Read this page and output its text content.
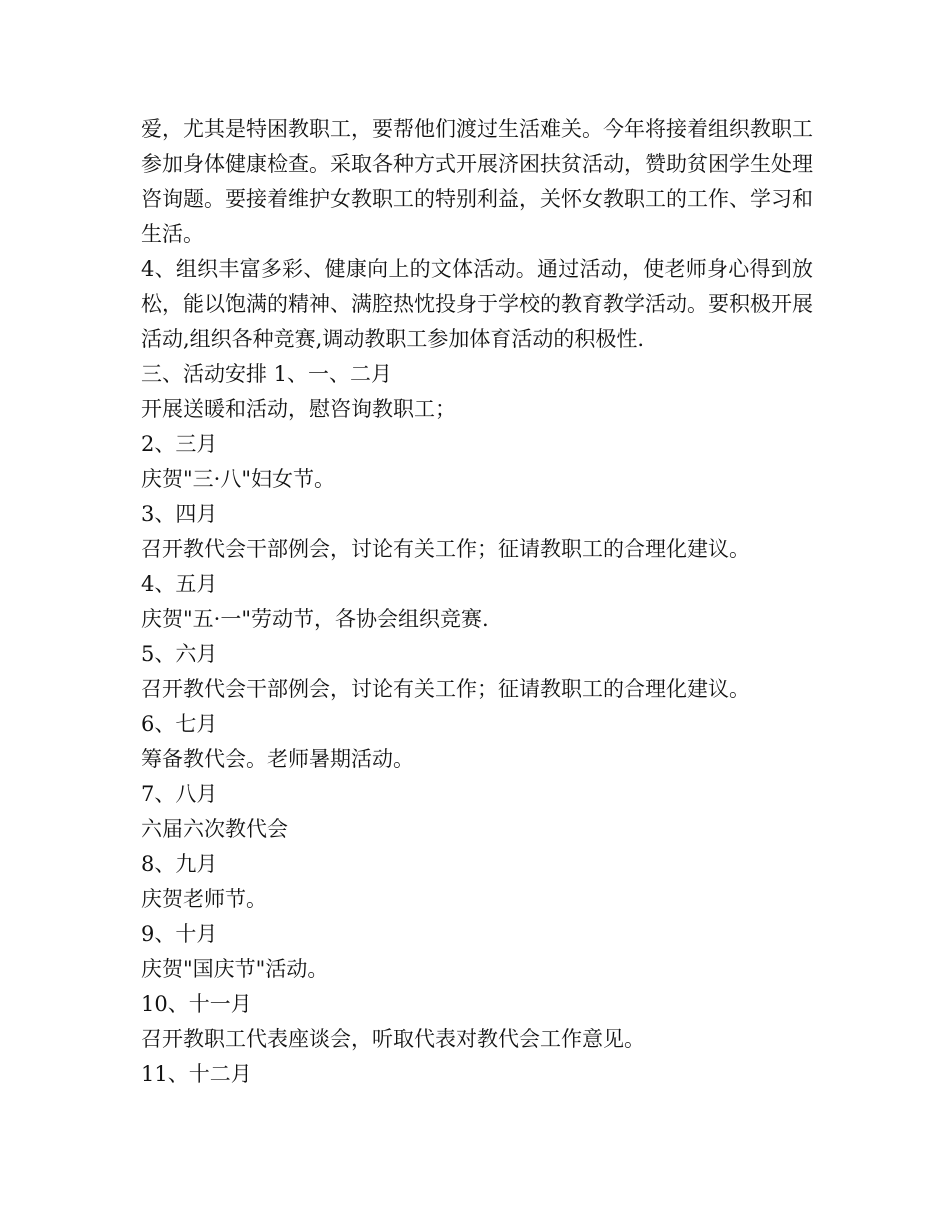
爱，尤其是特困教职工，要帮他们渡过生活难关。今年将接着组织教职工参加身体健康检查。采取各种方式开展济困扶贫活动，赞助贫困学生处理咨询题。要接着维护女教职工的特别利益，关怀女教职工的工作、学习和生活。

4、组织丰富多彩、健康向上的文体活动。通过活动，使老师身心得到放松，能以饱满的精神、满腔热忱投身于学校的教育教学活动。要积极开展活动,组织各种竞赛,调动教职工参加体育活动的积极性.

三、活动安排 1、一、二月

开展送暖和活动，慰咨询教职工；

2、三月

庆贺"三·八"妇女节。

3、四月

召开教代会干部例会，讨论有关工作；征请教职工的合理化建议。

4、五月

庆贺"五·一"劳动节，各协会组织竞赛.

5、六月

召开教代会干部例会，讨论有关工作；征请教职工的合理化建议。

6、七月

筹备教代会。老师暑期活动。

7、八月

六届六次教代会

8、九月

庆贺老师节。

9、十月

庆贺"国庆节"活动。

10、十一月

召开教职工代表座谈会，听取代表对教代会工作意见。

11、十二月
